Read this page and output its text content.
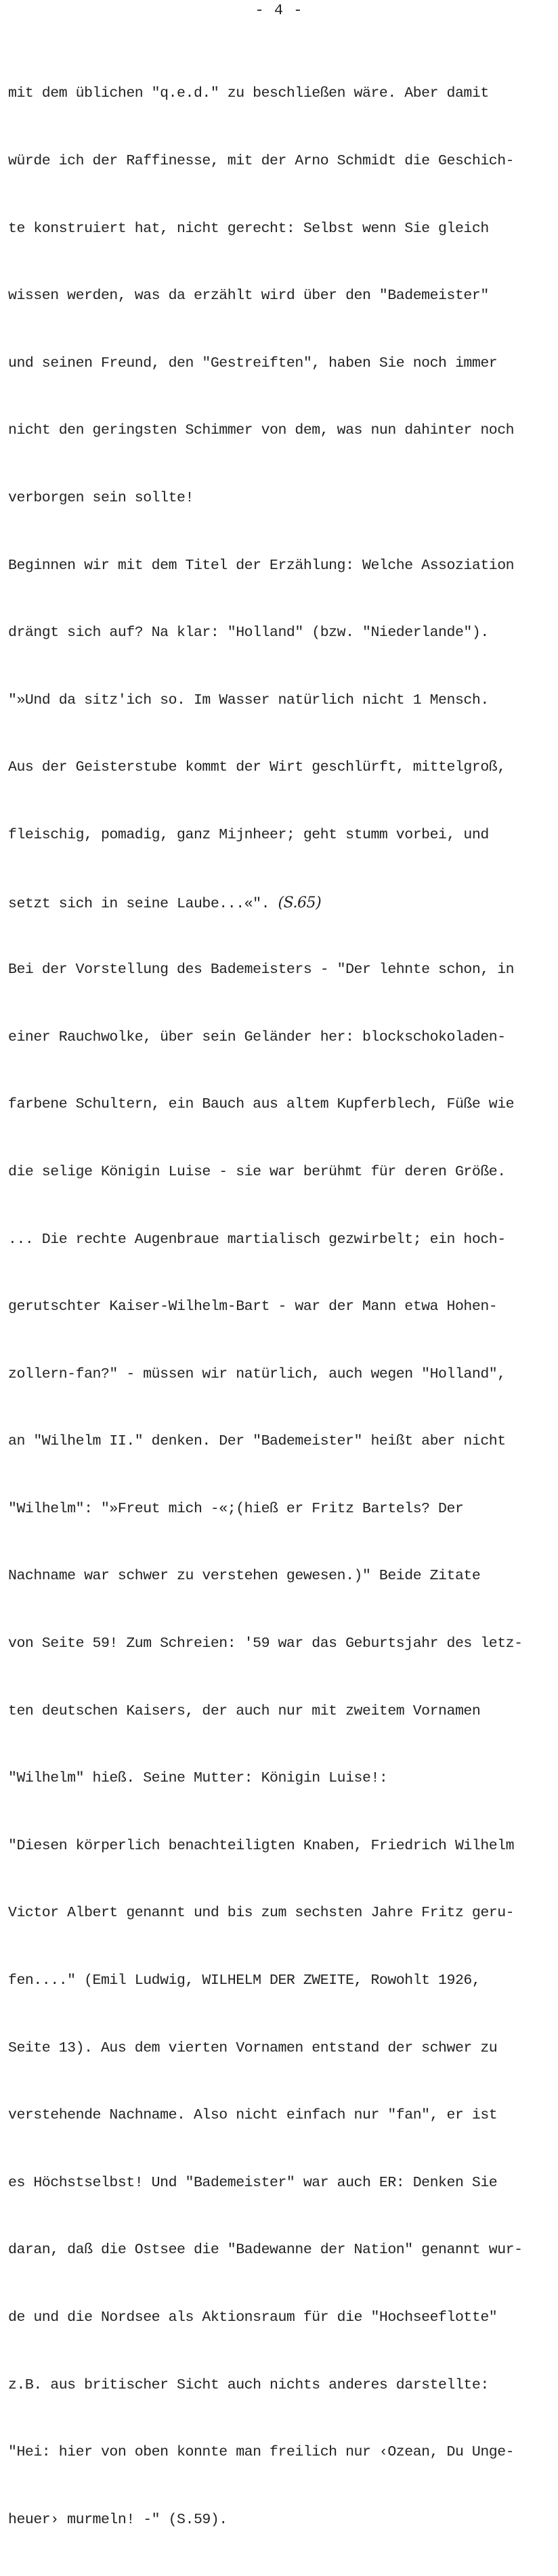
- 4 -

mit dem üblichen "q.e.d." zu beschließen wäre. Aber damit

würde ich der Raffinesse, mit der Arno Schmidt die Geschich-

te konstruiert hat, nicht gerecht: Selbst wenn Sie gleich

wissen werden, was da erzählt wird über den "Bademeister"

und seinen Freund, den "Gestreiften", haben Sie noch immer

nicht den geringsten Schimmer von dem, was nun dahinter noch

verborgen sein sollte!

Beginnen wir mit dem Titel der Erzählung: Welche Assoziation

drängt sich auf? Na klar: "Holland" (bzw. "Niederlande").

"»Und da sitz'ich so. Im Wasser natürlich nicht 1 Mensch.

Aus der Geisterstube kommt der Wirt geschlürft, mittelgroß,

fleischig, pomadig, ganz Mijnheer; geht stumm vorbei, und

setzt sich in seine Laube...«". (S.65)

Bei der Vorstellung des Bademeisters - "Der lehnte schon, in

einer Rauchwolke, über sein Geländer her: blockschokoladen-

farbene Schultern, ein Bauch aus altem Kupferblech, Füße wie

die selige Königin Luise - sie war berühmt für deren Größe.

... Die rechte Augenbraue martialisch gezwirbelt; ein hoch-

gerutschter Kaiser-Wilhelm-Bart - war der Mann etwa Hohen-

zollern-fan?" - müssen wir natürlich, auch wegen "Holland",

an "Wilhelm II." denken. Der "Bademeister" heißt aber nicht

"Wilhelm": "»Freut mich -«;(hieß er Fritz Bartels? Der

Nachname war schwer zu verstehen gewesen.)" Beide Zitate

von Seite 59! Zum Schreien: '59 war das Geburtsjahr des letz-

ten deutschen Kaisers, der auch nur mit zweitem Vornamen

"Wilhelm" hieß. Seine Mutter: Königin Luise!:

"Diesen körperlich benachteiligten Knaben, Friedrich Wilhelm

Victor Albert genannt und bis zum sechsten Jahre Fritz geru-

fen...." (Emil Ludwig, WILHELM DER ZWEITE, Rowohlt 1926,

Seite 13). Aus dem vierten Vornamen entstand der schwer zu

verstehende Nachname. Also nicht einfach nur "fan", er ist

es Höchstselbst! Und "Bademeister" war auch ER: Denken Sie

daran, daß die Ostsee die "Badewanne der Nation" genannt wur-

de und die Nordsee als Aktionsraum für die "Hochseeflotte"

z.B. aus britischer Sicht auch nichts anderes darstellte:

"Hei: hier von oben konnte man freilich nur ‹Ozean, Du Unge-

heuer› murmeln! -" (S.59).
